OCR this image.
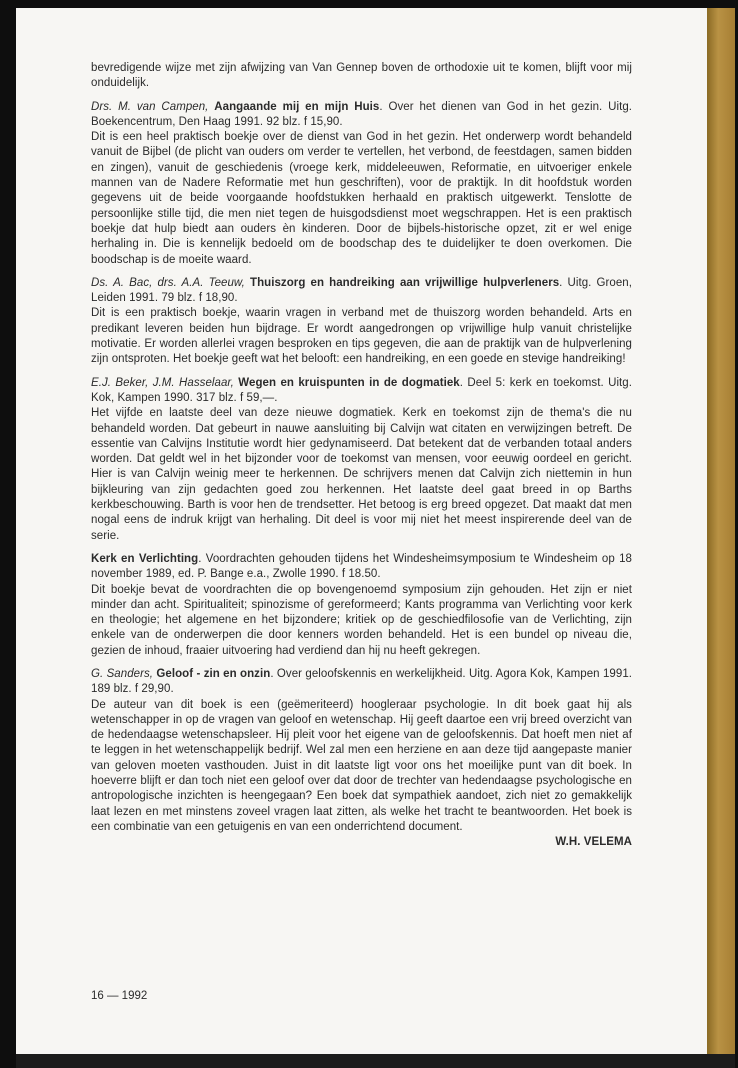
bevredigende wijze met zijn afwijzing van Van Gennep boven de orthodoxie uit te komen, blijft voor mij onduidelijk.

Drs. M. van Campen, Aangaande mij en mijn Huis. Over het dienen van God in het gezin. Uitg. Boekencentrum, Den Haag 1991. 92 blz. f 15,90.

Dit is een heel praktisch boekje over de dienst van God in het gezin. Het onderwerp wordt behandeld vanuit de Bijbel (de plicht van ouders om verder te vertellen, het verbond, de feestdagen, samen bidden en zingen), vanuit de geschiedenis (vroege kerk, middeleeuwen, Reformatie, en uitvoeriger enkele mannen van de Nadere Reformatie met hun geschriften), voor de praktijk. In dit hoofdstuk worden gegevens uit de beide voorgaande hoofdstukken herhaald en praktisch uitgewerkt. Tenslotte de persoonlijke stille tijd, die men niet tegen de huisgodsdienst moet wegschrappen. Het is een praktisch boekje dat hulp biedt aan ouders èn kinderen. Door de bijbels-historische opzet, zit er wel enige herhaling in. Die is kennelijk bedoeld om de boodschap des te duidelijker te doen overkomen. Die boodschap is de moeite waard.

Ds. A. Bac, drs. A.A. Teeuw, Thuiszorg en handreiking aan vrijwillige hulpverleners. Uitg. Groen, Leiden 1991. 79 blz. f 18,90.

Dit is een praktisch boekje, waarin vragen in verband met de thuiszorg worden behandeld. Arts en predikant leveren beiden hun bijdrage. Er wordt aangedrongen op vrijwillige hulp vanuit christelijke motivatie. Er worden allerlei vragen besproken en tips gegeven, die aan de praktijk van de hulpverlening zijn ontsproten. Het boekje geeft wat het belooft: een handreiking, en een goede en stevige handreiking!

E.J. Beker, J.M. Hasselaar, Wegen en kruispunten in de dogmatiek. Deel 5: kerk en toekomst. Uitg. Kok, Kampen 1990. 317 blz. f 59,—.

Het vijfde en laatste deel van deze nieuwe dogmatiek. Kerk en toekomst zijn de thema's die nu behandeld worden. Dat gebeurt in nauwe aansluiting bij Calvijn wat citaten en verwijzingen betreft. De essentie van Calvijns Institutie wordt hier gedynamiseerd. Dat betekent dat de verbanden totaal anders worden. Dat geldt wel in het bijzonder voor de toekomst van mensen, voor eeuwig oordeel en gericht. Hier is van Calvijn weinig meer te herkennen. De schrijvers menen dat Calvijn zich niettemin in hun bijkleuring van zijn gedachten goed zou herkennen. Het laatste deel gaat breed in op Barths kerkbeschouwing. Barth is voor hen de trendsetter. Het betoog is erg breed opgezet. Dat maakt dat men nogal eens de indruk krijgt van herhaling. Dit deel is voor mij niet het meest inspirerende deel van de serie.

Kerk en Verlichting. Voordrachten gehouden tijdens het Windesheimsymposium te Windesheim op 18 november 1989, ed. P. Bange e.a., Zwolle 1990. f 18.50.

Dit boekje bevat de voordrachten die op bovengenoemd symposium zijn gehouden. Het zijn er niet minder dan acht. Spiritualiteit; spinozisme of gereformeerd; Kants programma van Verlichting voor kerk en theologie; het algemene en het bijzondere; kritiek op de geschiedfilosofie van de Verlichting, zijn enkele van de onderwerpen die door kenners worden behandeld. Het is een bundel op niveau die, gezien de inhoud, fraaier uitvoering had verdiend dan hij nu heeft gekregen.

G. Sanders, Geloof - zin en onzin. Over geloofskennis en werkelijkheid. Uitg. Agora Kok, Kampen 1991. 189 blz. f 29,90.

De auteur van dit boek is een (geëmeriteerd) hoogleraar psychologie. In dit boek gaat hij als wetenschapper in op de vragen van geloof en wetenschap. Hij geeft daartoe een vrij breed overzicht van de hedendaagse wetenschapsleer. Hij pleit voor het eigene van de geloofskennis. Dat hoeft men niet af te leggen in het wetenschappelijk bedrijf. Wel zal men een herziene en aan deze tijd aangepaste manier van geloven moeten vasthouden. Juist in dit laatste ligt voor ons het moeilijke punt van dit boek. In hoeverre blijft er dan toch niet een geloof over dat door de trechter van hedendaagse psychologische en antropologische inzichten is heengegaan? Een boek dat sympathiek aandoet, zich niet zo gemakkelijk laat lezen en met minstens zoveel vragen laat zitten, als welke het tracht te beantwoorden. Het boek is een combinatie van een getuigenis en van een onderrichtend document.

W.H. VELEMA

16 — 1992
